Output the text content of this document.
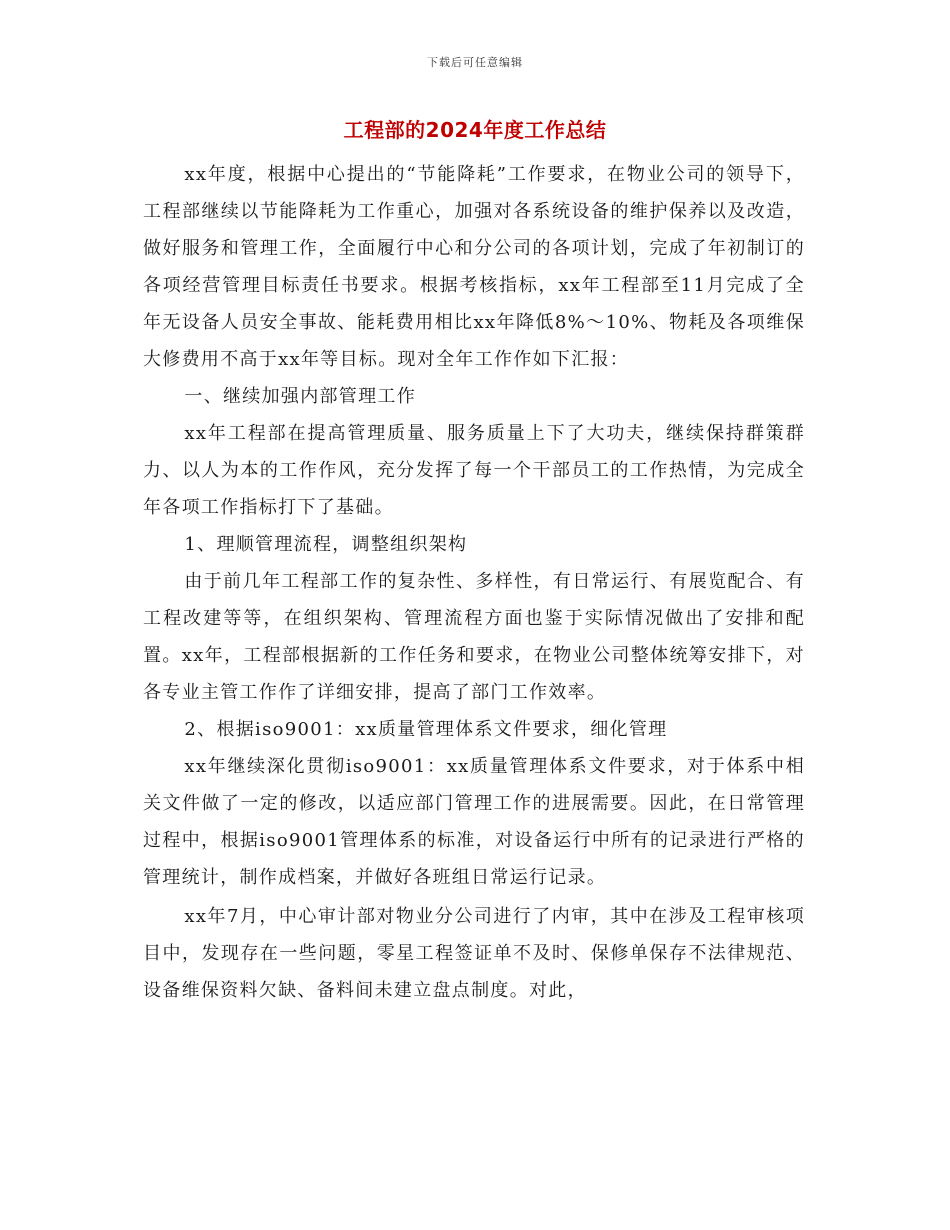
下载后可任意编辑
工程部的2024年度工作总结

xx年度，根据中心提出的“节能降耗”工作要求，在物业公司的领导下，工程部继续以节能降耗为工作重心，加强对各系统设备的维护保养以及改造，做好服务和管理工作，全面履行中心和分公司的各项计划，完成了年初制订的各项经营管理目标责任书要求。根据考核指标，xx年工程部至11月完成了全年无设备人员安全事故、能耗费用相比xx年降低8%～10%、物耗及各项维保大修费用不高于xx年等目标。现对全年工作作如下汇报：

一、继续加强内部管理工作

xx年工程部在提高管理质量、服务质量上下了大功夫，继续保持群策群力、以人为本的工作作风，充分发挥了每一个干部员工的工作热情，为完成全年各项工作指标打下了基础。

1、理顺管理流程，调整组织架构

由于前几年工程部工作的复杂性、多样性，有日常运行、有展览配合、有工程改建等等，在组织架构、管理流程方面也鉴于实际情况做出了安排和配置。xx年，工程部根据新的工作任务和要求，在物业公司整体统筹安排下，对各专业主管工作作了详细安排，提高了部门工作效率。

2、根据iso9001：xx质量管理体系文件要求，细化管理

xx年继续深化贯彻iso9001：xx质量管理体系文件要求，对于体系中相关文件做了一定的修改，以适应部门管理工作的进展需要。因此，在日常管理过程中，根据iso9001管理体系的标准，对设备运行中所有的记录进行严格的管理统计，制作成档案，并做好各班组日常运行记录。

xx年7月，中心审计部对物业分公司进行了内审，其中在涉及工程审核项目中，发现存在一些问题，零星工程签证单不及时、保修单保存不法律规范、设备维保资料欠缺、备料间未建立盘点制度。对此，
